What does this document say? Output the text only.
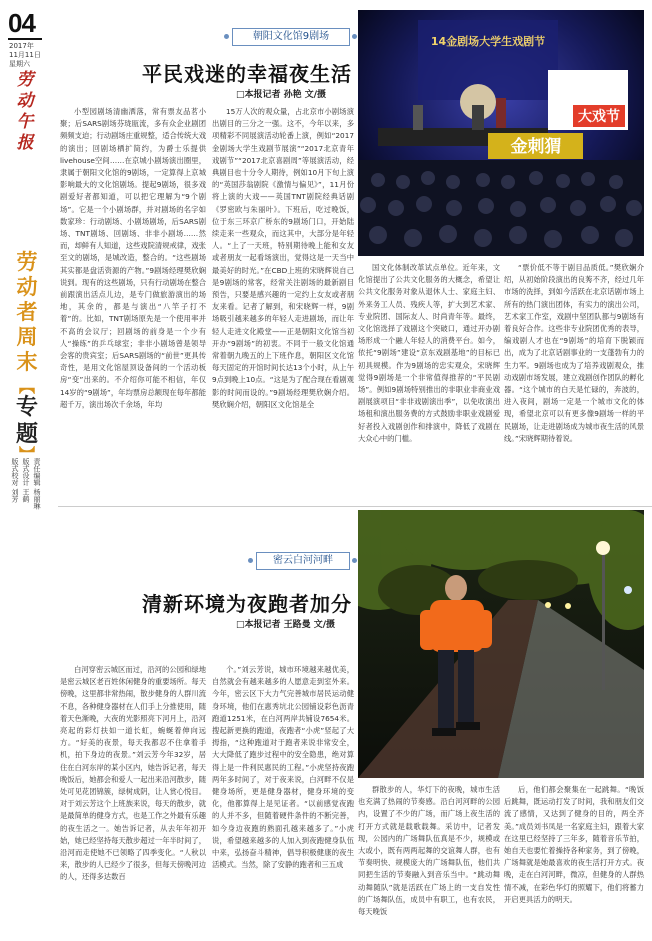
04
2017年
11月11日
星期六
劳动午报
劳动者周末
︻
专题
︼
版式校对 刘芳 版式设计 王鹤 责任编辑 杨丽琳
朝阳文化馆9剧场
平民戏迷的幸福夜生活
□本报记者 孙艳 文/摄

小型园剧场清幽洒落，常有票友品茗小聚；后SARS剧场芬珑瓯流，多有众企业剧团频频支迫；行动剧场庄重规整，适合传统大戏的演出；回剧场栖扩简约，为爵士乐提供livehouse空间……在京城小剧场演出圈里，隶属于朝阳文化馆的9剧场，一定算得上京城影响最大的文化馆剧场。提起9剧场，很多戏剧爱好者都知道，可以把它理解为“9个剧场”。它是一个小剧场群，并对剧场的名字如数家珍：行动剧场、小剧场剧场，后SARS剧场、TNT剧场、回剧场、非非小剧场……然而，却鲜有人知道，这些戏院清规戒律，戏张至文的剧场，是城改造，整合的。“这些剧场其实都是盘活资源的产物。”9剧场经理樊欣娴说到。现有的这些剧场，只有行动剧场在整合前跟演出活点儿边，是专门做旅游演出的场地，其余的，都是与演出“八竿子打不着”的。比如，TNT剧场原先是一个使用率并不高的会议厅；回剧场的前身是一个少有人“操练”的乒乓球室；非非小剧场曾是领导会客的贵宾室；后SARS剧场的“前世”更具传奇性，是用文化馆屋顶设备间的一个活动板房“变”出来的。不介绍你可能不相信，年仅14岁的“9剧场”，年均票房总额现在每年都能超千万，演出场次千余场，年均

15万人次的观众量，占北京市小剧场演出剧目的三分之一强。这不，今年以来，多项精彩不同展演活动轮番上演，例如“2017金剧场大学生戏剧节展演”“2017北京青年戏剧节”“2017北京喜剧周”等展演活动，经典剧目也十分令人期待，例如10月下旬上演的“英国莎翁剧院《激情与偏见》”，11月份将上演的大戏——英国TNT剧院经典话剧《罗密欧与朱丽叶》。下班后，吃过晚饭，位于东三环京广桥东的9剧场门口，开始陆续走来一些观众，而这其中，大部分是年轻人。“上了一天班，特别期待晚上能和女友或者朋友一起看场演出，觉得这是一天当中最美好的时光。”在CBD上班的宋晓辉说自己是9剧场的常客，经常关注剧场的最新剧目预告，只要是感兴趣的一定约上女友或者朋友来看。记者了解到，和宋晓辉一样，9剧场吸引越来越多的年轻人走进剧场，而让年轻人走进文化殿堂——正是朝阳文化馆当初开办“9剧场”的初衷。不同于一般文化馆通常着朝九晚五的上下班作息，朝阳区文化馆每天固定的开馆时间长达13个小时，从上午9点到晚上10点。“这是为了配合现在看剧观影的时间而设的。”9剧场经理樊欣娴介绍。樊欣娴介绍，朝阳区文化馆是全

国文化体制改革试点单位。近年来，文化馆提出了公共文化服务的大概念，希望让公共文化服务对象从退休人士、家庭主妇、外来务工人员、残疾人等，扩大到艺术家、专业院团、国际友人、时尚青年等。最终，文化馆选择了戏剧这个突破口，通过开办剧场形成一个融人年轻人的消费平台。如今，依托“9剧场”建设“京东戏剧基地”的目标已初具规模。作为9剧场的忠实观众，宋晓辉觉得9剧场是一个非常值得推荐的“平民剧场”。例如9剧场特别推出的非职业非商业戏剧展演项目“非非戏剧演出季”，以免收演出场租和演出服务费的方式鼓励非职业戏剧爱好者投入戏剧创作和排演中，降低了戏剧在大众心中的门槛。

“票价低不等于剧目品质低。”樊欣娴介绍，从初始阶段演出的良莠不齐，经过几年市场的洗择，到如今活跃在北京话剧市场上所有的热门演出团体，有实力的演出公司，艺术家工作室，戏剧中坚团队都与9剧场有着良好合作。这些非专业院团优秀的表导，编戏剧人才也在“9剧场”的培育下脱颖而出，成为了北京话剧事业的一支蓬勃有力的生力军。9剧场也成为了培养戏剧观众，推动戏剧市场发展，建立戏剧创作团队的孵化器。“这个城市的白天是忙碌的，奔波的，进入夜间，剧场一定是一个城市文化的体现，希望北京可以有更多像9剧场一样的平民剧场，让走进剧场成为城市夜生活的风景线。”宋晓辉期待着说。

14金剧场大学生戏剧节
大戏节
金刺猬
密云白河河畔
清新环境为夜跑者加分
□本报记者 王路曼 文/摄

白河穿密云城区而过，沿河的公园和绿地是密云城区老百姓休闲健身的重要场所。每天傍晚，这里都非常热闹，散步健身的人群川流不息，各种健身器材在人们手上分推使用，随着天色渐晚，大夜的光影照亮下河月上，沿河亮起的彩灯扶如一道长虹，蜿蜒着伸向远方。“好美的夜景，每天我都忍不住拿着手机，拍下身边的夜景。”刘云芳今年32岁，居住在白河东岸的某小区内，她告诉记者，每天晚饭后，她都会和爱人一起出来沿河散步，随处可见花团锦簇，绿树成阴，让人赏心悦目。对于刘云芳这个上班族来说，每天的散步，就是最简单的健身方式，也是工作之外最有乐趣的夜生活之一。她告诉记者，从去年年初开始，她已经坚持每天散步超过一年半时间了，沿河而走使她不已领略了四季变化。“人秋以来，散步的人已经少了很多，但每天傍晚河边的人，还得多达数百

个。”刘云芳说，城市环境越来越优美，自然就会有越来越多的人愿意走到室外来。今年，密云区下大力气完善城市居民运动健身环境，他们在惠秀坑北公园铺设彩色沥青跑道1251米，在白河两岸共铺设7654米。搜起新更换的跑道，夜跑者“小虎”竖起了大拇指，“这种跑道对于跑者来说非常安全，大大降低了跑步过程中的安全隐患，绝对算得上是一件利民惠民的工程。”小虎坚持夜跑两年多时间了，对于夜来说，白河畔不仅是健身场所，更是健身器材，健身环境的变化，他都算得上是见证者。“以前感觉夜跑的人并不多，但随着硬件条件的不断完善，如今身边夜跑的熟面孔越来越多了。”小虎说，希望越来越多的人加入到夜跑健身队伍中来，弘扬奋斗精神，倡导积极健康的夜生活模式。当然，除了安静的跑者和三五成

群散步的人，华灯下的夜晚，城市生活也充满了热闹的节奏感。沿白河河畔的公园内，设置了不少的广场，而广场上夜生活的打开方式就是载歌载舞。采访中，记者发现，公园内的广场舞队伍真是不少，规模或大或小，既有两两起舞的交谊舞人群，也有节奏明快、规模庞大的广场舞队伍，他们共同把生活的节奏融入到音乐当中。“跳动舞动舞随队”就是活跃在广场上的一支自发性的广场舞队伍，成员中有职工，也有农民，每天晚饭

后，他们都会聚集在一起跳舞。“晚饭后跳舞，既运动打发了时间，我和朋友们交流了感情，又达到了健身的目的，两全齐美。”成员刘书凤是一名家庭主妇，跟着大家在这里已经坚持了三年多，随着音乐节拍，她自天也要忙着操持各种家务，到了傍晚，广场舞就是她最喜欢的夜生活打开方式。夜晚，走在白河河畔，微凉，但健身的人群热情不减，在彩色华灯的照耀下，他们将蓄力开启更具活力的明天。
